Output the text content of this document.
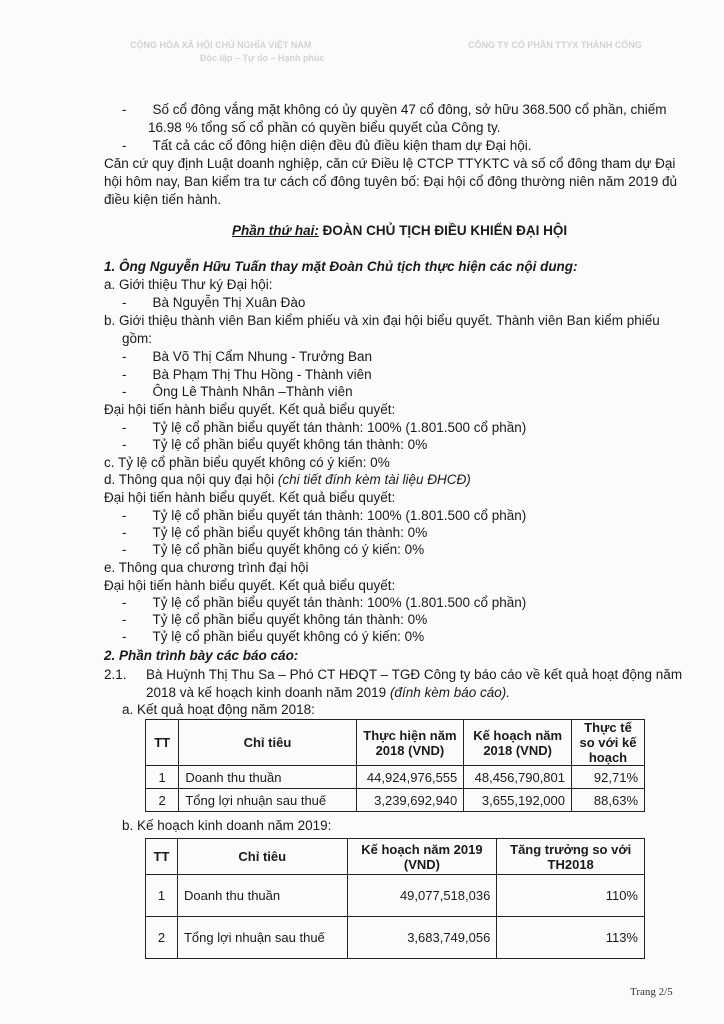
CÔNG TY CỔ PHẦN TTYX THÀNH CÔNG
CỘNG HÒA XÃ HỘI CHỦ NGHĨA VIỆT NAM
Độc lập – Tự do – Hạnh phúc
- Số cổ đông vắng mặt không có ủy quyền 47 cổ đông, sở hữu 368.500 cổ phần, chiếm
16.98 % tổng số cổ phần có quyền biểu quyết của Công ty.
- Tất cả các cổ đông hiện diện đều đủ điều kiện tham dự Đại hội.
Căn cứ quy định Luật doanh nghiệp, căn cứ Điều lệ CTCP TTYKTC và số cổ đông tham dự Đại
hội hôm nay, Ban kiểm tra tư cách cổ đông tuyên bố: Đại hội cổ đông thường niên năm 2019 đủ
điều kiện tiến hành.
Phần thứ hai: ĐOÀN CHỦ TỊCH ĐIỀU KHIỂN ĐẠI HỘI
1. Ông Nguyễn Hữu Tuấn thay mặt Đoàn Chủ tịch thực hiện các nội dung:
a. Giới thiệu Thư ký Đại hội:
- Bà Nguyễn Thị Xuân Đào
b. Giới thiệu thành viên Ban kiểm phiếu và xin đại hội biểu quyết. Thành viên Ban kiểm phiếu
gồm:
- Bà Võ Thị Cẩm Nhung - Trưởng Ban
- Bà Phạm Thị Thu Hồng - Thành viên
- Ông Lê Thành Nhân –Thành viên
Đại hội tiến hành biểu quyết. Kết quả biểu quyết:
- Tỷ lệ cổ phần biểu quyết tán thành: 100% (1.801.500 cổ phần)
- Tỷ lệ cổ phần biểu quyết không tán thành: 0%
c. Tỷ lệ cổ phần biểu quyết không có ý kiến: 0%
d. Thông qua nội quy đại hội (chi tiết đính kèm tài liệu ĐHCĐ)
Đại hội tiến hành biểu quyết. Kết quả biểu quyết:
- Tỷ lệ cổ phần biểu quyết tán thành: 100% (1.801.500 cổ phần)
- Tỷ lệ cổ phần biểu quyết không tán thành: 0%
- Tỷ lệ cổ phần biểu quyết không có ý kiến: 0%
e. Thông qua chương trình đại hội
Đại hội tiến hành biểu quyết. Kết quả biểu quyết:
- Tỷ lệ cổ phần biểu quyết tán thành: 100% (1.801.500 cổ phần)
- Tỷ lệ cổ phần biểu quyết không tán thành: 0%
- Tỷ lệ cổ phần biểu quyết không có ý kiến: 0%
2. Phần trình bày các báo cáo:
2.1. Bà Huỳnh Thị Thu Sa – Phó CT HĐQT – TGĐ Công ty báo cáo về kết quả hoạt động năm
2018 và kế hoạch kinh doanh năm 2019 (đính kèm báo cáo).
a. Kết quả hoạt động năm 2018:
TT	Chỉ tiêu	Thực hiện năm 2018 (VND)	Kế hoạch năm 2018 (VND)	Thực tế so với kế hoạch
1	Doanh thu thuần	44,924,976,555	48,456,790,801	92,71%
2	Tổng lợi nhuận sau thuế	3,239,692,940	3,655,192,000	88,63%
b. Kế hoạch kinh doanh năm 2019:
TT	Chỉ tiêu	Kế hoạch năm 2019 (VND)	Tăng trưởng so với TH2018
1	Doanh thu thuần	49,077,518,036	110%
2	Tổng lợi nhuận sau thuế	3,683,749,056	113%
Trang 2/5
